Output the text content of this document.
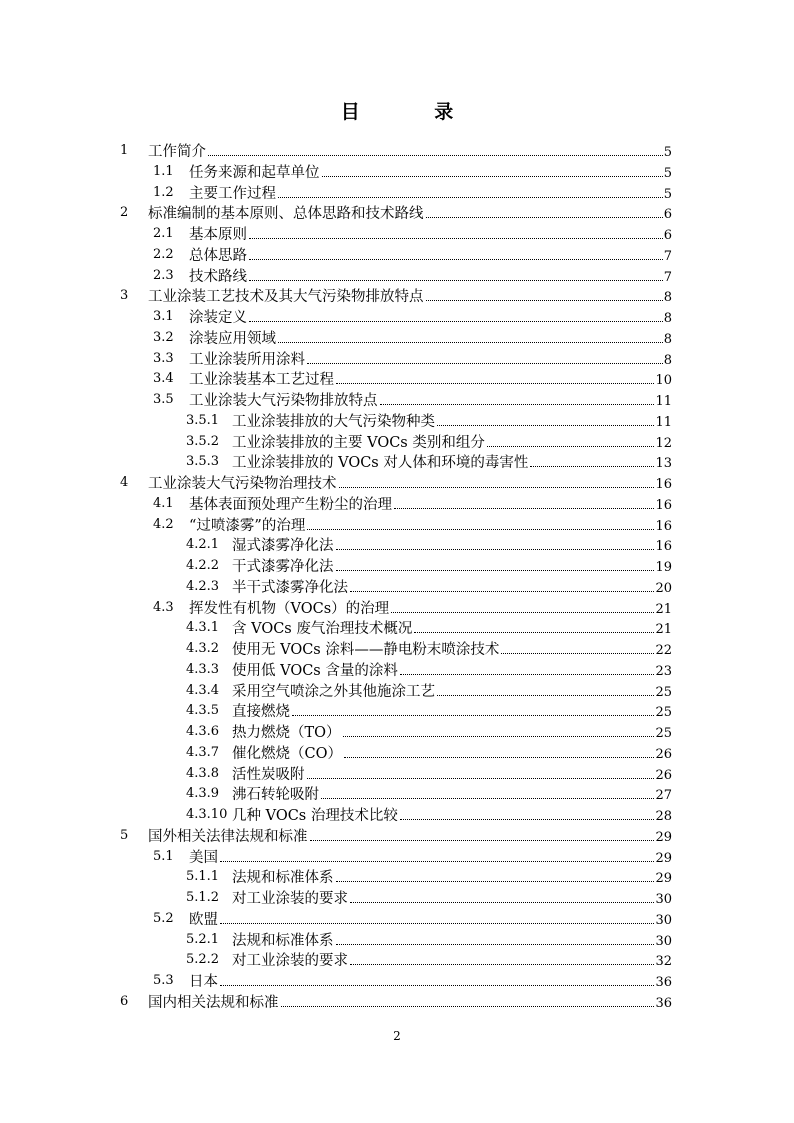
目 录
1 工作简介	5
1.1 任务来源和起草单位	5
1.2 主要工作过程	5
2 标准编制的基本原则、总体思路和技术路线	6
2.1 基本原则	6
2.2 总体思路	7
2.3 技术路线	7
3 工业涂装工艺技术及其大气污染物排放特点	8
3.1 涂装定义	8
3.2 涂装应用领域	8
3.3 工业涂装所用涂料	8
3.4 工业涂装基本工艺过程	10
3.5 工业涂装大气污染物排放特点	11
3.5.1 工业涂装排放的大气污染物种类	11
3.5.2 工业涂装排放的主要 VOCs 类别和组分	12
3.5.3 工业涂装排放的 VOCs 对人体和环境的毒害性	13
4 工业涂装大气污染物治理技术	16
4.1 基体表面预处理产生粉尘的治理	16
4.2 “过喷漆雾”的治理	16
4.2.1 湿式漆雾净化法	16
4.2.2 干式漆雾净化法	19
4.2.3 半干式漆雾净化法	20
4.3 挥发性有机物（VOCs）的治理	21
4.3.1 含 VOCs 废气治理技术概况	21
4.3.2 使用无 VOCs 涂料——静电粉末喷涂技术	22
4.3.3 使用低 VOCs 含量的涂料	23
4.3.4 采用空气喷涂之外其他施涂工艺	25
4.3.5 直接燃烧	25
4.3.6 热力燃烧（TO）	25
4.3.7 催化燃烧（CO）	26
4.3.8 活性炭吸附	26
4.3.9 沸石转轮吸附	27
4.3.10 几种 VOCs 治理技术比较	28
5 国外相关法律法规和标准	29
5.1 美国	29
5.1.1 法规和标准体系	29
5.1.2 对工业涂装的要求	30
5.2 欧盟	30
5.2.1 法规和标准体系	30
5.2.2 对工业涂装的要求	32
5.3 日本	36
6 国内相关法规和标准	36
2
